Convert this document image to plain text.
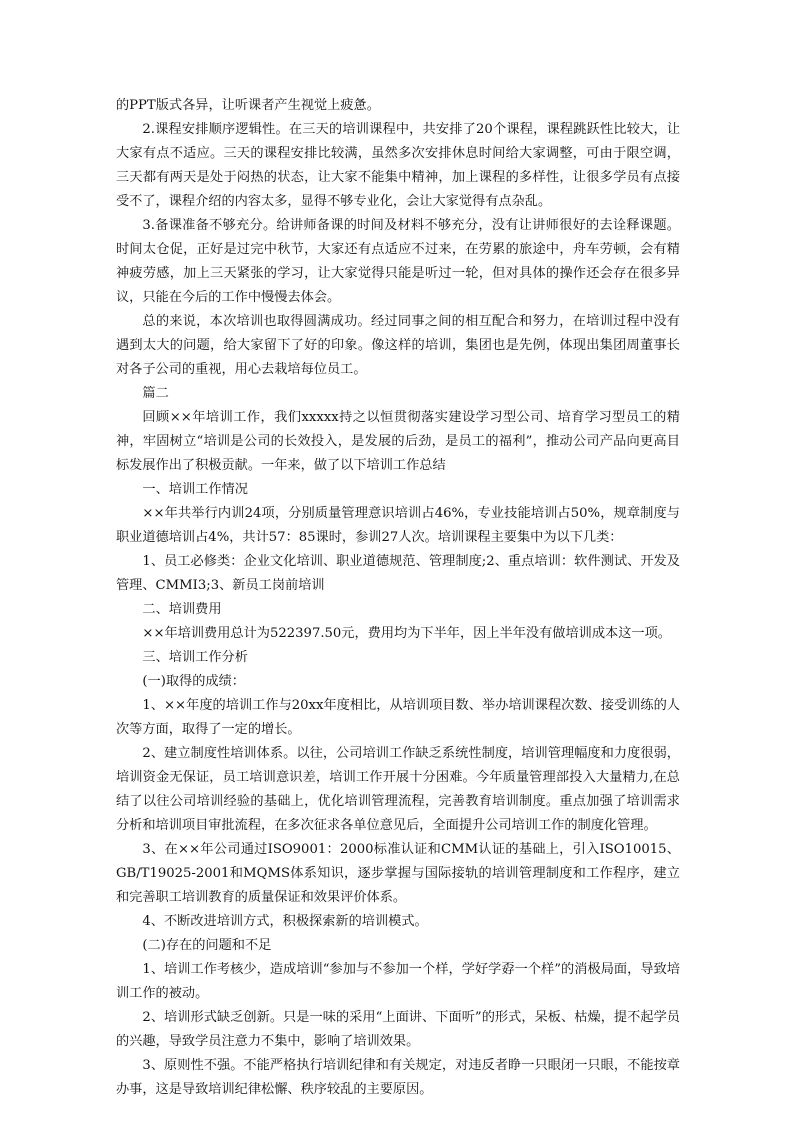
的PPT版式各异，让听课者产生视觉上疲惫。

2.课程安排顺序逻辑性。在三天的培训课程中，共安排了20个课程，课程跳跃性比较大，让大家有点不适应。三天的课程安排比较满，虽然多次安排休息时间给大家调整，可由于限空调，三天都有两天是处于闷热的状态，让大家不能集中精神，加上课程的多样性，让很多学员有点接受不了，课程介绍的内容太多，显得不够专业化，会让大家觉得有点杂乱。

3.备课准备不够充分。给讲师备课的时间及材料不够充分，没有让讲师很好的去诠释课题。时间太仓促，正好是过完中秋节，大家还有点适应不过来，在劳累的旅途中，舟车劳顿，会有精神疲劳感，加上三天紧张的学习，让大家觉得只能是听过一轮，但对具体的操作还会存在很多异议，只能在今后的工作中慢慢去体会。

总的来说，本次培训也取得圆满成功。经过同事之间的相互配合和努力，在培训过程中没有遇到太大的问题，给大家留下了好的印象。像这样的培训，集团也是先例，体现出集团周董事长对各子公司的重视，用心去栽培每位员工。

篇二

回顾××年培训工作，我们xxxxx持之以恒贯彻落实建设学习型公司、培育学习型员工的精神，牢固树立“培训是公司的长效投入，是发展的后劲，是员工的福利”，推动公司产品向更高目标发展作出了积极贡献。一年来，做了以下培训工作总结

一、培训工作情况

××年共举行内训24项，分别质量管理意识培训占46%，专业技能培训占50%，规章制度与职业道德培训占4%，共计57：85课时，参训27人次。培训课程主要集中为以下几类：

1、员工必修类：企业文化培训、职业道德规范、管理制度;2、重点培训：软件测试、开发及管理、CMMI3;3、新员工岗前培训

二、培训费用

××年培训费用总计为522397.50元，费用均为下半年，因上半年没有做培训成本这一项。

三、培训工作分析

(一)取得的成绩：

1、××年度的培训工作与20xx年度相比，从培训项目数、举办培训课程次数、接受训练的人次等方面，取得了一定的增长。

2、建立制度性培训体系。以往，公司培训工作缺乏系统性制度，培训管理幅度和力度很弱，培训资金无保证，员工培训意识差，培训工作开展十分困难。今年质量管理部投入大量精力,在总结了以往公司培训经验的基础上，优化培训管理流程，完善教育培训制度。重点加强了培训需求分析和培训项目审批流程，在多次征求各单位意见后，全面提升公司培训工作的制度化管理。

3、在××年公司通过ISO9001：2000标准认证和CMM认证的基础上，引入ISO10015、GB/T19025-2001和MQMS体系知识，逐步掌握与国际接轨的培训管理制度和工作程序，建立和完善职工培训教育的质量保证和效果评价体系。

4、不断改进培训方式，积极探索新的培训模式。

(二)存在的问题和不足

1、培训工作考核少，造成培训“参加与不参加一个样，学好学孬一个样”的消极局面，导致培训工作的被动。

2、培训形式缺乏创新。只是一味的采用“上面讲、下面听”的形式，呆板、枯燥，提不起学员的兴趣，导致学员注意力不集中，影响了培训效果。

3、原则性不强。不能严格执行培训纪律和有关规定，对违反者睁一只眼闭一只眼，不能按章办事，这是导致培训纪律松懈、秩序较乱的主要原因。
